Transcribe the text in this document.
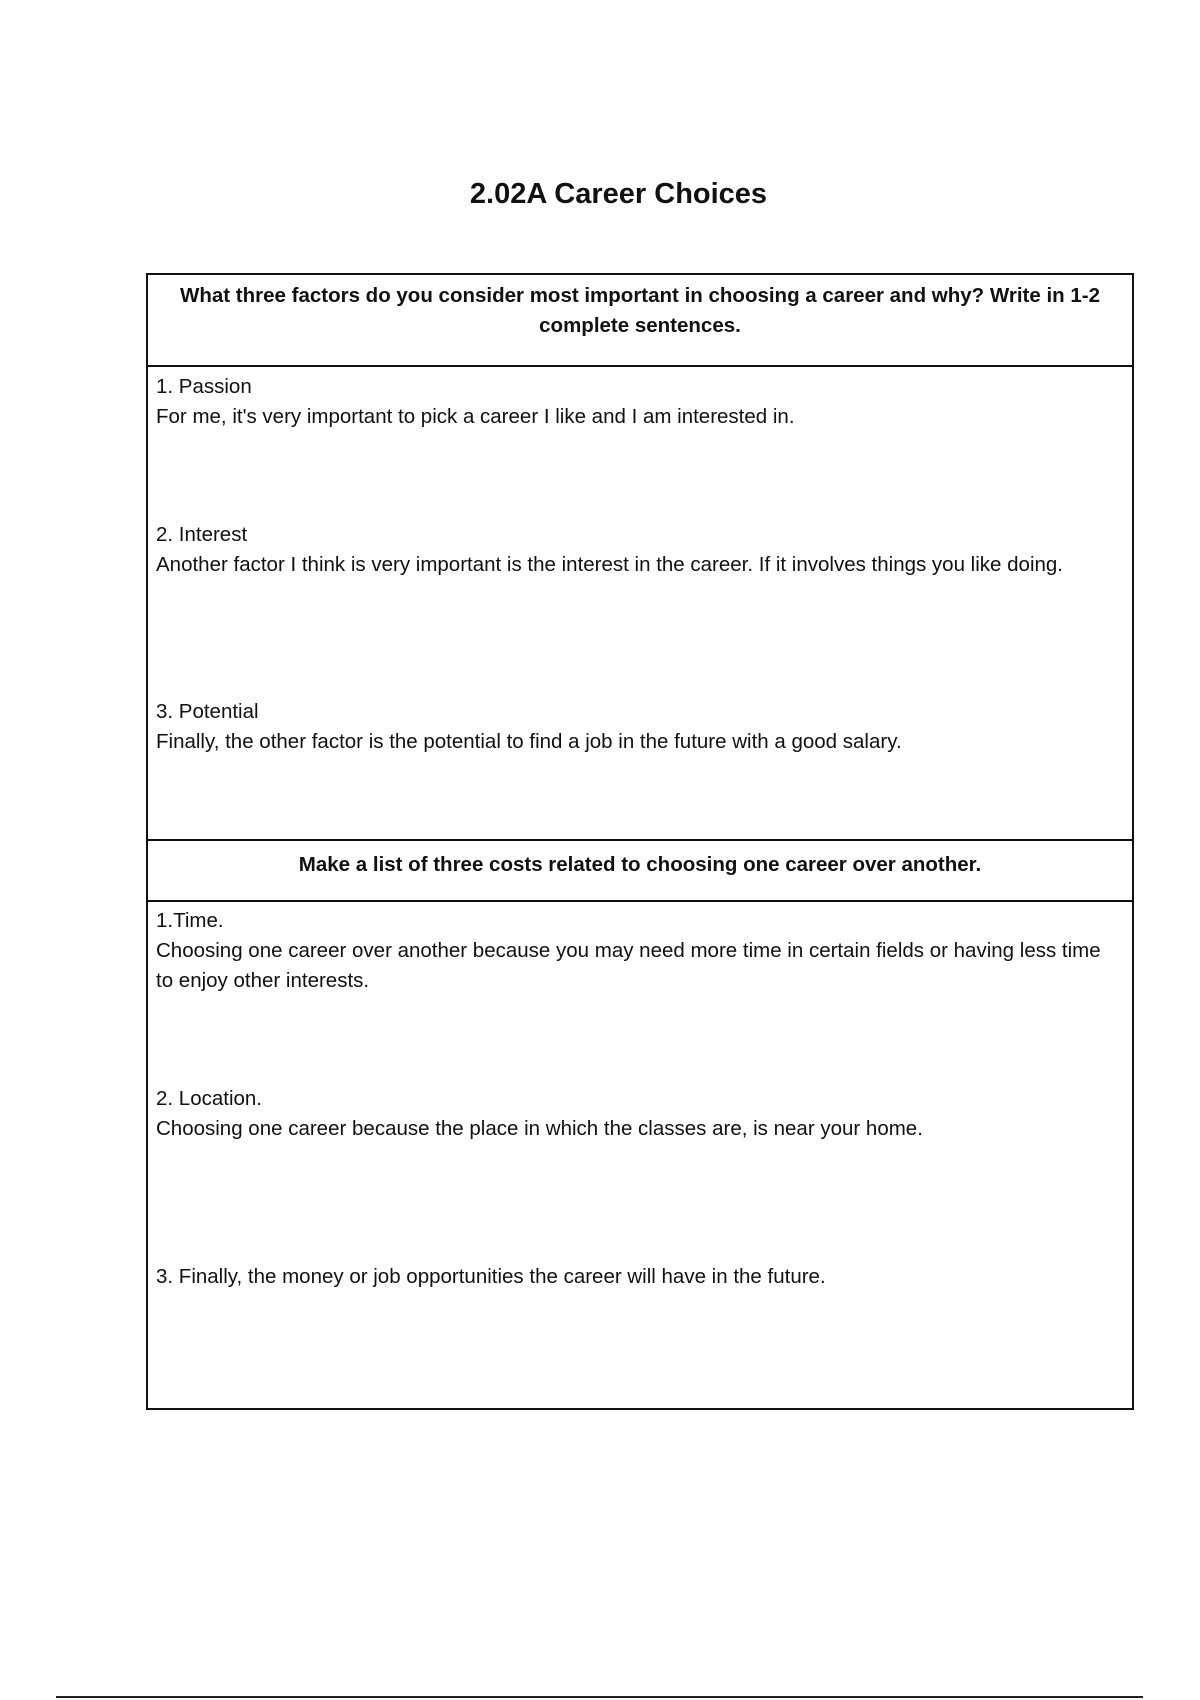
2.02A Career Choices
What three factors do you consider most important in choosing a career and why? Write in 1-2 complete sentences.

1. Passion

For me, it's very important to pick a career I like and I am interested in.

2. Interest

Another factor I think is very important is the interest in the career. If it involves things you like doing.

3. Potential

Finally, the other factor is the potential to find a job in the future with a good salary.

Make a list of three costs related to choosing one career over another.

1.Time.

Choosing one career over another because you may need more time in certain fields or having less time to enjoy other interests.

2. Location.

Choosing one career because the place in which the classes are, is near your home.

3. Finally, the money or job opportunities the career will have in the future.
